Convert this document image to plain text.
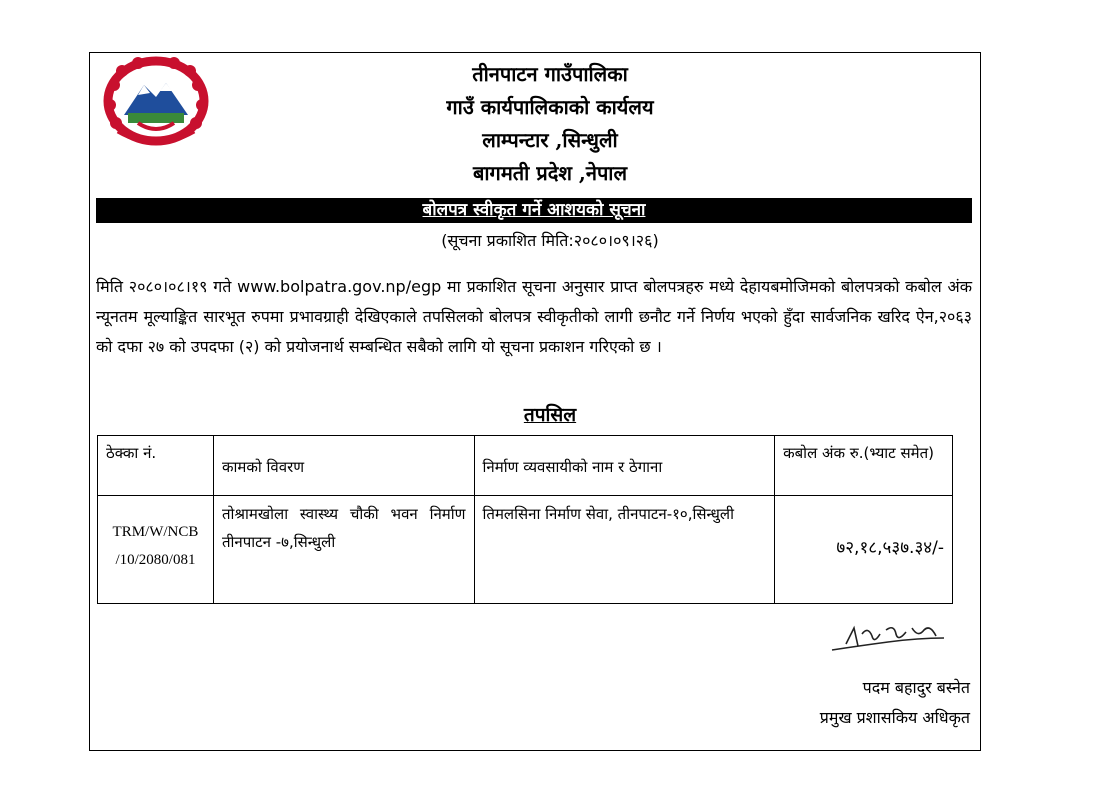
तीनपाटन गाउँपालिका
गाउँ कार्यपालिकाको कार्यलय
लाम्पन्टार ,सिन्धुली
बागमती प्रदेश ,नेपाल
बोलपत्र स्वीकृत गर्ने आशयको सूचना
(सूचना प्रकाशित मिति:२०८०।०९।२६)
मिति २०८०।०८।१९ गते www.bolpatra.gov.np/egp मा प्रकाशित सूचना अनुसार प्राप्त बोलपत्रहरु मध्ये देहायबमोजिमको बोलपत्रको कबोल अंक न्यूनतम मूल्याङ्कित सारभूत रुपमा प्रभावग्राही देखिएकाले तपसिलको बोलपत्र स्वीकृतीको लागी छनौट गर्ने निर्णय भएको हुँदा सार्वजनिक खरिद ऐन,२०६३ को दफा २७ को उपदफा (२) को प्रयोजनार्थ सम्बन्धित सबैको लागि यो सूचना प्रकाशन गरिएको छ ।
तपसिल
ठेक्का नं.	कामको विवरण	निर्माण व्यवसायीको नाम र ठेगाना	कबोल अंक रु.(भ्याट समेत)
TRM/W/NCB /10/2080/081	तोश्रामखोला स्वास्थ्य चौकी भवन निर्माण तीनपाटन -७,सिन्धुली	तिमलसिना निर्माण सेवा, तीनपाटन-१०,सिन्धुली	७२,१८,५३७.३४/-
पदम बहादुर बस्नेत
प्रमुख प्रशासकिय अधिकृत
